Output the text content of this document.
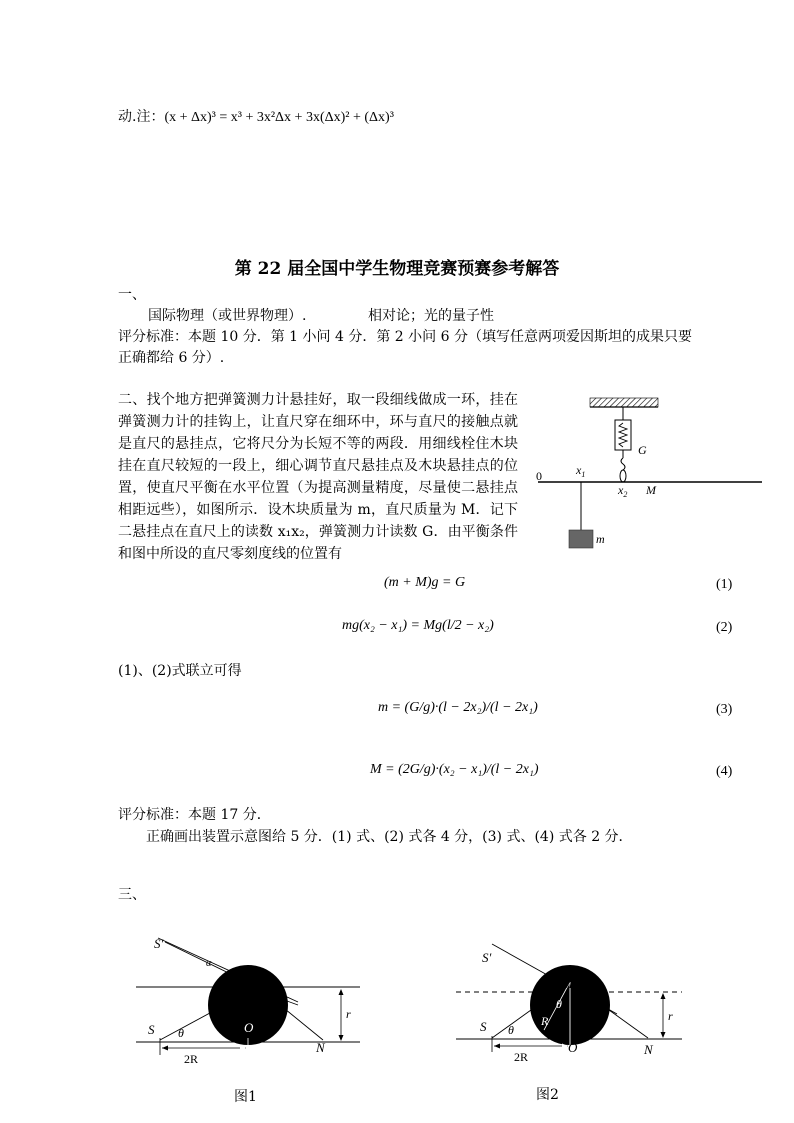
动.注：(x + Δx)³ = x³ + 3x²Δx + 3x(Δx)² + (Δx)³
第 22 届全国中学生物理竞赛预赛参考解答
一、
国际物理（或世界物理）.	相对论；光的量子性
评分标准：本题 10 分．第 1 小问 4 分．第 2 小问 6 分（填写任意两项爱因斯坦的成果只要
正确都给 6 分）.
二、找个地方把弹簧测力计悬挂好，取一段细线做成一环，挂在弹簧测力计的挂钩上，让直尺穿在细环中，环与直尺的接触点就是直尺的悬挂点，它将尺分为长短不等的两段．用细线栓住木块挂在直尺较短的一段上，细心调节直尺悬挂点及木块悬挂点的位置，使直尺平衡在水平位置（为提高测量精度，尽量使二悬挂点相距远些），如图所示．设木块质量为 m，直尺质量为 M．记下二悬挂点在直尺上的读数 x₁x₂，弹簧测力计读数 G．由平衡条件和图中所设的直尺零刻度线的位置有
0	$x_1$
$x_2$
G
M
m
(m + M)g = G	(1)
mg(x₂ − x₁) = Mg(l/2 − x₂)	(2)
(1)、(2)式联立可得
m = (G/g)·(l − 2x₂)/(l − 2x₁)	(3)
M = (2G/g)·(x₂ − x₁)/(l − 2x₁)	(4)
评分标准：本题 17 分．
正确画出装置示意图给 5 分．(1) 式、(2) 式各 4 分，(3) 式、(4) 式各 2 分．
三、
S′
α
M
O′
S θ	O
N
r
2R
图1
S′
M
R
θ
S θ
O	N
r
2R
图2
